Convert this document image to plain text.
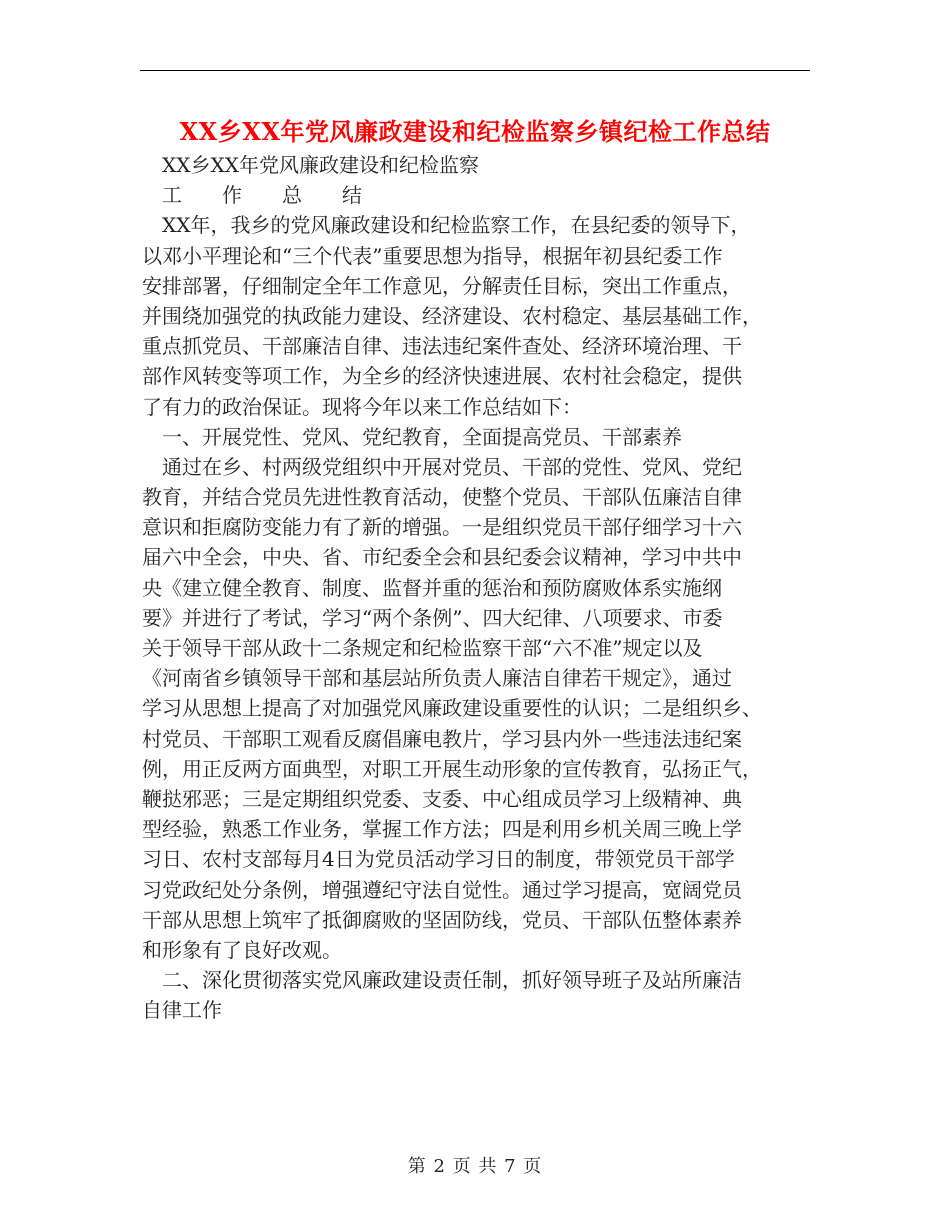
XX乡XX年党风廉政建设和纪检监察乡镇纪检工作总结
　XX乡XX年党风廉政建设和纪检监察
　工　　作　　总　　结
　XX年，我乡的党风廉政建设和纪检监察工作，在县纪委的领导下，
以邓小平理论和“三个代表”重要思想为指导，根据年初县纪委工作
安排部署，仔细制定全年工作意见，分解责任目标，突出工作重点，
并围绕加强党的执政能力建设、经济建设、农村稳定、基层基础工作，
重点抓党员、干部廉洁自律、违法违纪案件查处、经济环境治理、干
部作风转变等项工作，为全乡的经济快速进展、农村社会稳定，提供
了有力的政治保证。现将今年以来工作总结如下：
　一、开展党性、党风、党纪教育，全面提高党员、干部素养
　通过在乡、村两级党组织中开展对党员、干部的党性、党风、党纪
教育，并结合党员先进性教育活动，使整个党员、干部队伍廉洁自律
意识和拒腐防变能力有了新的增强。一是组织党员干部仔细学习十六
届六中全会，中央、省、市纪委全会和县纪委会议精神，学习中共中
央《建立健全教育、制度、监督并重的惩治和预防腐败体系实施纲
要》并进行了考试，学习“两个条例”、四大纪律、八项要求、市委
关于领导干部从政十二条规定和纪检监察干部“六不准”规定以及
《河南省乡镇领导干部和基层站所负责人廉洁自律若干规定》，通过
学习从思想上提高了对加强党风廉政建设重要性的认识；二是组织乡、
村党员、干部职工观看反腐倡廉电教片，学习县内外一些违法违纪案
例，用正反两方面典型，对职工开展生动形象的宣传教育，弘扬正气，
鞭挞邪恶；三是定期组织党委、支委、中心组成员学习上级精神、典
型经验，熟悉工作业务，掌握工作方法；四是利用乡机关周三晚上学
习日、农村支部每月4日为党员活动学习日的制度，带领党员干部学
习党政纪处分条例，增强遵纪守法自觉性。通过学习提高，宽阔党员
干部从思想上筑牢了抵御腐败的坚固防线，党员、干部队伍整体素养
和形象有了良好改观。
　二、深化贯彻落实党风廉政建设责任制，抓好领导班子及站所廉洁
自律工作
第 2 页 共 7 页
